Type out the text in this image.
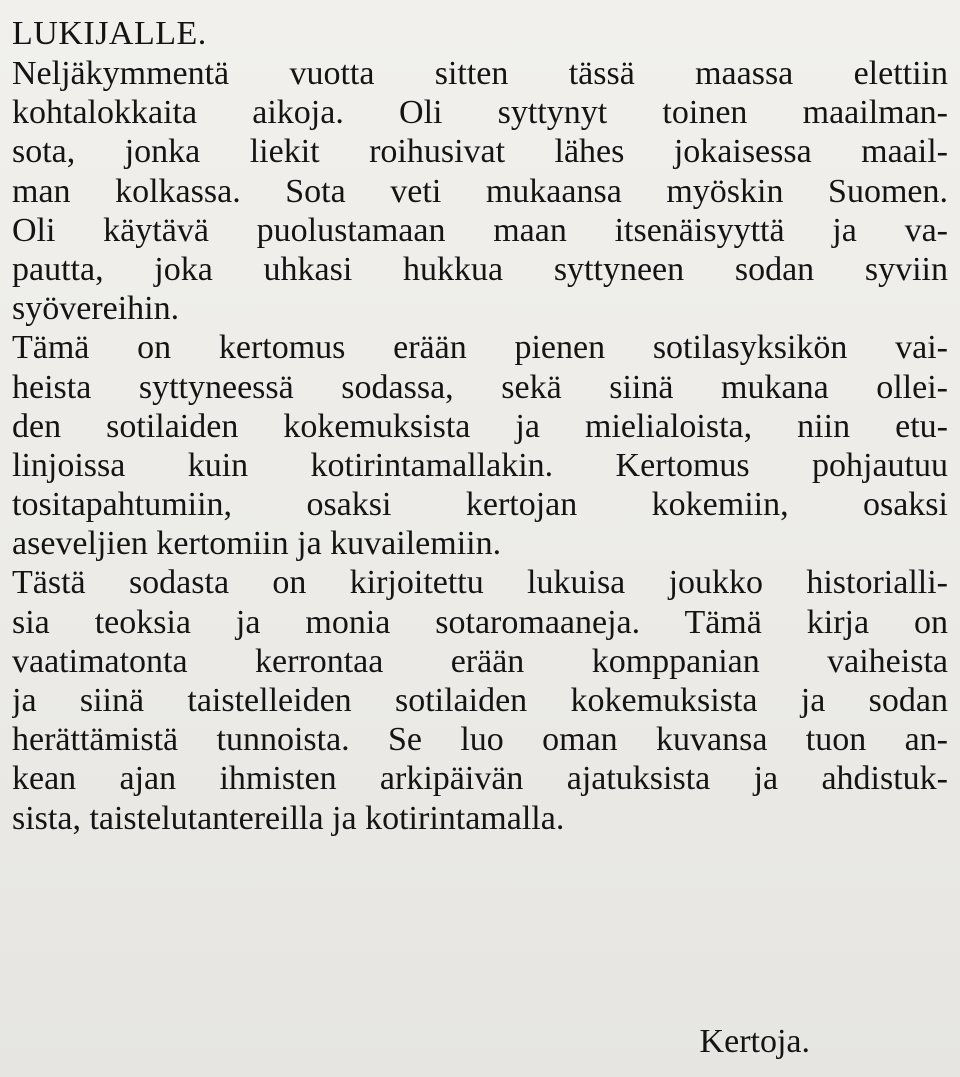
LUKIJALLE.
Neljäkymmentä vuotta sitten tässä maassa elettiin
kohtalokkaita aikoja. Oli syttynyt toinen maailman-
sota, jonka liekit roihusivat lähes jokaisessa maail-
man kolkassa. Sota veti mukaansa myöskin Suomen.
Oli käytävä puolustamaan maan itsenäisyyttä ja va-
pautta, joka uhkasi hukkua syttyneen sodan syviin
syövereihin.
Tämä on kertomus erään pienen sotilasyksikön vai-
heista syttyneessä sodassa, sekä siinä mukana ollei-
den sotilaiden kokemuksista ja mielialoista, niin etu-
linjoissa kuin kotirintamallakin. Kertomus pohjautuu
tositapahtumiin, osaksi kertojan kokemiin, osaksi
aseveljien kertomiin ja kuvailemiin.
Tästä sodasta on kirjoitettu lukuisa joukko historialli-
sia teoksia ja monia sotaromaaneja. Tämä kirja on
vaatimatonta kerrontaa erään komppanian vaiheista
ja siinä taistelleiden sotilaiden kokemuksista ja sodan
herättämistä tunnoista. Se luo oman kuvansa tuon an-
kean ajan ihmisten arkipäivän ajatuksista ja ahdistuk-
sista, taistelutantereilla ja kotirintamalla.

Kertoja.
